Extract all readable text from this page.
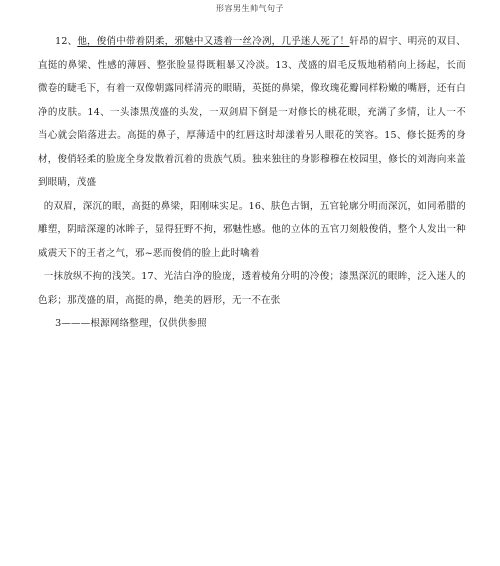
形容男生帅气句子

12、他，俊俏中带着阴柔，邪魅中又透着一丝冷冽，几乎迷人死了！轩昂的眉宇、明亮的双目、直挺的鼻梁、性感的薄唇、整张脸显得既粗暴又冷淡。13、茂盛的眉毛反叛地稍稍向上扬起，长而微卷的睫毛下，有着一双像朝露同样清亮的眼睛，英挺的鼻梁，像玫瑰花瓣同样粉嫩的嘴唇，还有白净的皮肤。14、一头漆黑茂盛的头发，一双剑眉下倒是一对修长的桃花眼，充满了多情，让人一不当心就会陷落进去。高挺的鼻子，厚薄适中的红唇这时却漾着另人眼花的笑容。15、修长挺秀的身材，俊俏轻柔的脸庞全身发散着沉着的贵族气质。独来独往的身影穆穆在校园里，修长的刘海向来盖到眼睛，茂盛

的双眉，深沉的眼，高挺的鼻梁，阳刚味实足。16、肤色古铜，五官轮廓分明而深沉，如同希腊的雕塑，阴暗深邃的冰眸子，显得狂野不拘，邪魅性感。他的立体的五官刀刻般俊俏，整个人发出一种威震天下的王者之气，邪~恶而俊俏的脸上此时噙着

一抹放纵不拘的浅笑。17、光洁白净的脸庞，透着棱角分明的冷俊；漆黑深沉的眼眸，泛入迷人的色彩；那茂盛的眉，高挺的鼻，绝美的唇形，无一不在张

3———根源网络整理，仅供供参照
